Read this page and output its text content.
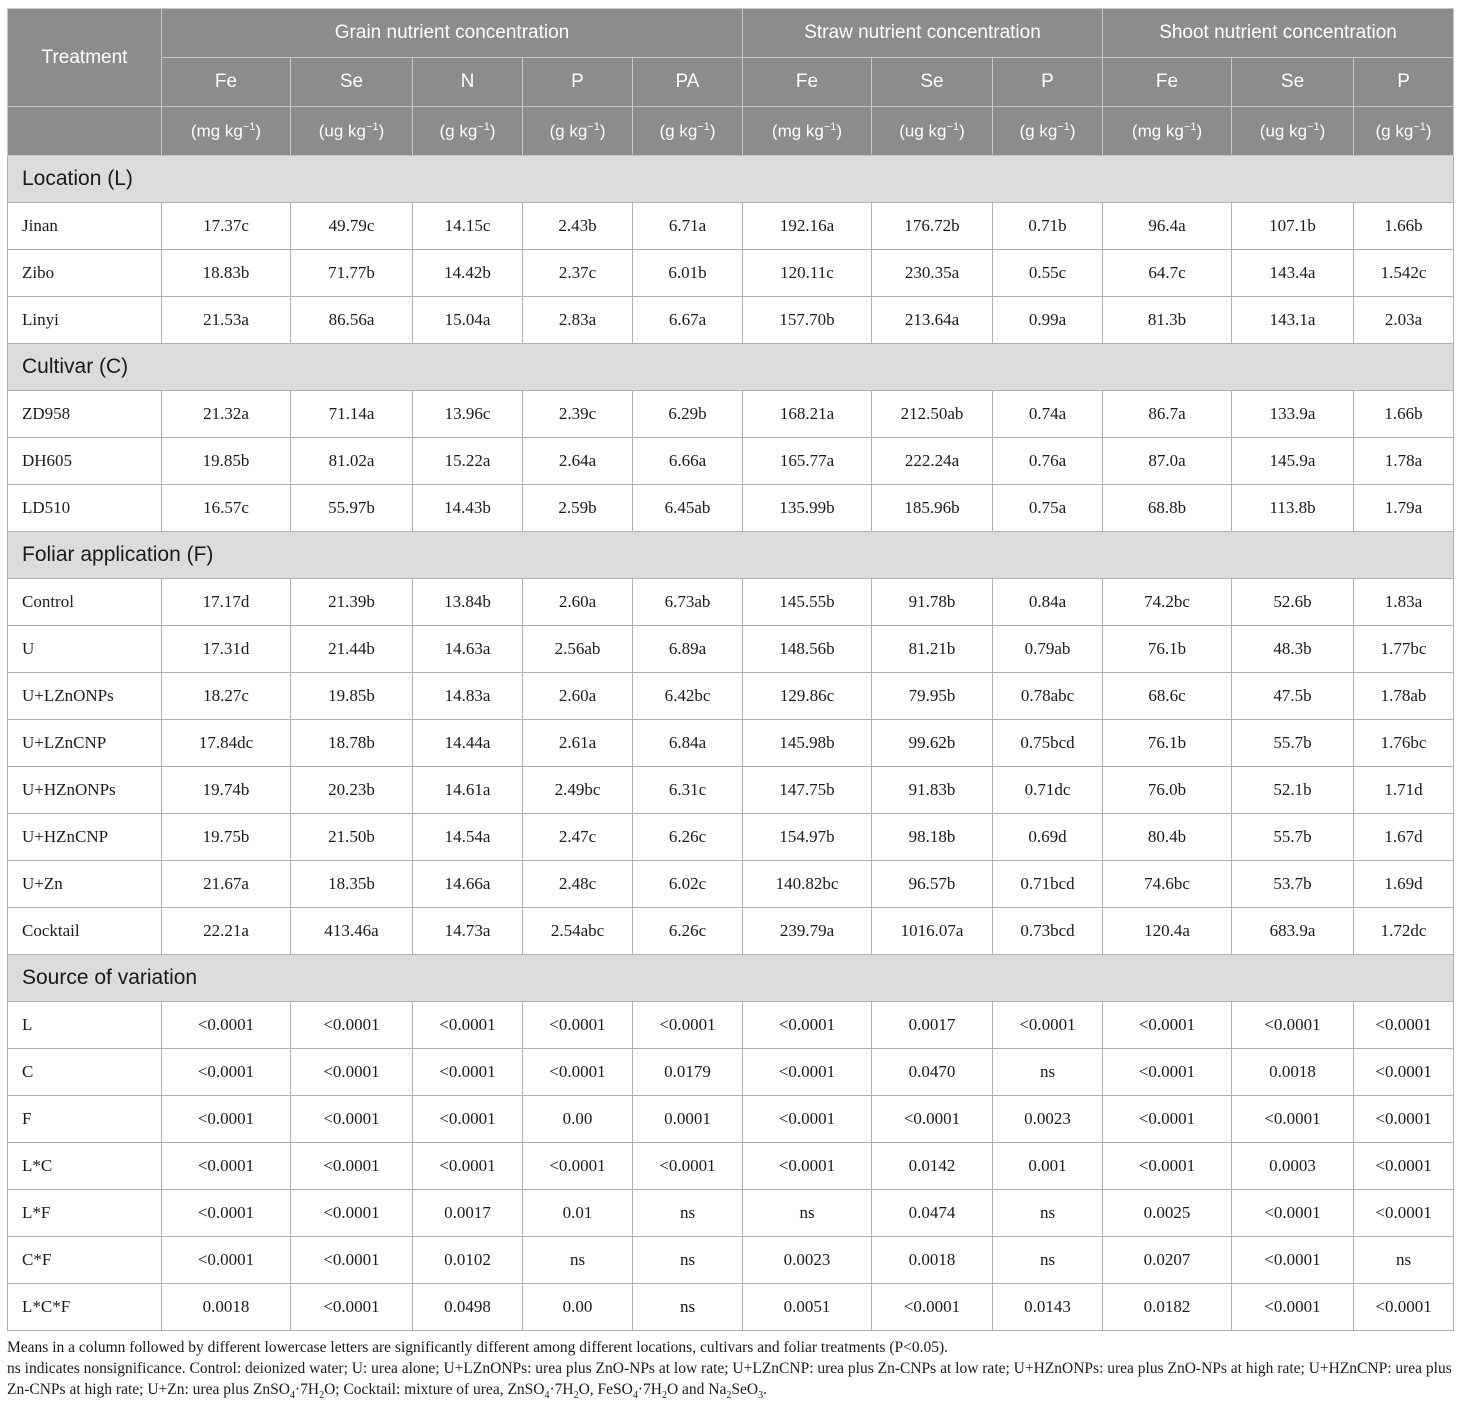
Treatment	Grain nutrient concentration					Straw nutrient concentration			Shoot nutrient concentration		
	Fe	Se	N	P	PA	Fe	Se	P	Fe	Se	P
	(mg $kg^{-1}$)	(ug $kg^{-1}$)	(g $kg^{-1}$)	(g $kg^{-1}$)	(g $kg^{-1}$)	(mg $kg^{-1}$)	(ug $kg^{-1}$)	(g $kg^{-1}$)	(mg $kg^{-1}$)	(ug $kg^{-1}$)	(g $kg^{-1}$)
Location (L)											
Jinan	17.37c	49.79c	14.15c	2.43b	6.71a	192.16a	176.72b	0.71b	96.4a	107.1b	1.66b
Zibo	18.83b	71.77b	14.42b	2.37c	6.01b	120.11c	230.35a	0.55c	64.7c	143.4a	1.542c
Linyi	21.53a	86.56a	15.04a	2.83a	6.67a	157.70b	213.64a	0.99a	81.3b	143.1a	2.03a
Cultivar (C)											
ZD958	21.32a	71.14a	13.96c	2.39c	6.29b	168.21a	212.50ab	0.74a	86.7a	133.9a	1.66b
DH605	19.85b	81.02a	15.22a	2.64a	6.66a	165.77a	222.24a	0.76a	87.0a	145.9a	1.78a
LD510	16.57c	55.97b	14.43b	2.59b	6.45ab	135.99b	185.96b	0.75a	68.8b	113.8b	1.79a
Foliar application (F)											
Control	17.17d	21.39b	13.84b	2.60a	6.73ab	145.55b	91.78b	0.84a	74.2bc	52.6b	1.83a
U	17.31d	21.44b	14.63a	2.56ab	6.89a	148.56b	81.21b	0.79ab	76.1b	48.3b	1.77bc
U+LZnONPs	18.27c	19.85b	14.83a	2.60a	6.42bc	129.86c	79.95b	0.78abc	68.6c	47.5b	1.78ab
U+LZnCNP	17.84dc	18.78b	14.44a	2.61a	6.84a	145.98b	99.62b	0.75bcd	76.1b	55.7b	1.76bc
U+HZnONPs	19.74b	20.23b	14.61a	2.49bc	6.31c	147.75b	91.83b	0.71dc	76.0b	52.1b	1.71d
U+HZnCNP	19.75b	21.50b	14.54a	2.47c	6.26c	154.97b	98.18b	0.69d	80.4b	55.7b	1.67d
U+Zn	21.67a	18.35b	14.66a	2.48c	6.02c	140.82bc	96.57b	0.71bcd	74.6bc	53.7b	1.69d
Cocktail	22.21a	413.46a	14.73a	2.54abc	6.26c	239.79a	1016.07a	0.73bcd	120.4a	683.9a	1.72dc
Source of variation											
L	<0.0001	<0.0001	<0.0001	<0.0001	<0.0001	<0.0001	0.0017	<0.0001	<0.0001	<0.0001	<0.0001
C	<0.0001	<0.0001	<0.0001	<0.0001	0.0179	<0.0001	0.0470	ns	<0.0001	0.0018	<0.0001
F	<0.0001	<0.0001	<0.0001	0.00	0.0001	<0.0001	<0.0001	0.0023	<0.0001	<0.0001	<0.0001
L*C	<0.0001	<0.0001	<0.0001	<0.0001	<0.0001	<0.0001	0.0142	0.001	<0.0001	0.0003	<0.0001
L*F	<0.0001	<0.0001	0.0017	0.01	ns	ns	0.0474	ns	0.0025	<0.0001	<0.0001
C*F	<0.0001	<0.0001	0.0102	ns	ns	0.0023	0.0018	ns	0.0207	<0.0001	ns
L*C*F	0.0018	<0.0001	0.0498	0.00	ns	0.0051	<0.0001	0.0143	0.0182	<0.0001	<0.0001
Means in a column followed by different lowercase letters are significantly different among different locations, cultivars and foliar treatments (P<0.05).
ns indicates nonsignificance. Control: deionized water; U: urea alone; U+LZnONPs: urea plus ZnO-NPs at low rate; U+LZnCNP: urea plus Zn-CNPs at low rate; U+HZnONPs: urea plus ZnO-NPs at high rate; U+HZnCNP: urea plus Zn-CNPs at high rate; U+Zn: urea plus $ZnSO_4\cdot 7H_2O$; Cocktail: mixture of urea, $ZnSO_4\cdot 7H_2O$, $FeSO_4\cdot 7H_2O$ and $Na_2SeO_3$.
